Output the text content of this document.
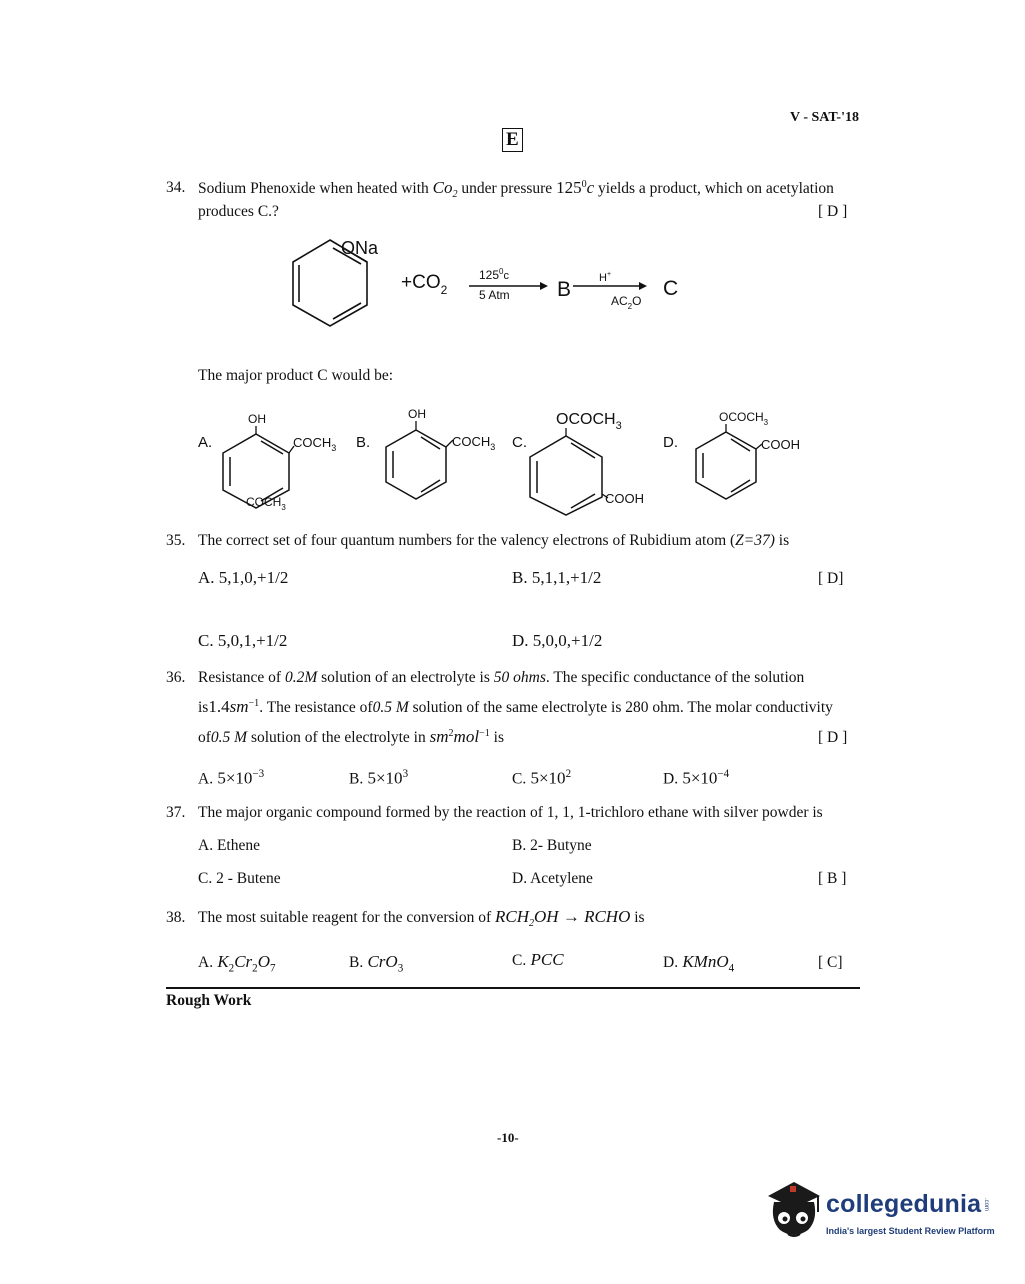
V - SAT-'18
E
34. Sodium Phenoxide when heated with $Co_2$ under pressure $125^0c$ yields a product, which on acetylation
produces C.?	[ D ]
ONa
$+CO_2$
$125^0c$
5 Atm B	H+
$AC_2O$
C
The major product C would be:
A.
OH
$COCH_3$ B.
$COCH_3$
OH
$COCH_3$ C.
$OCOCH_3$
COOH
D.
$OCOCH_3$
COOH
35. The correct set of four quantum numbers for the valency electrons of Rubidium atom (Z=37) is
A. 5,1,0,+1/2	B. 5,1,1,+1/2	[ D]
C. 5,0,1,+1/2	D. 5,0,0,+1/2
36. Resistance of 0.2M solution of an electrolyte is 50 ohms. The specific conductance of the solution
$is1.4sm^{-1}$. The resistance of0.5 M solution of the same electrolyte is 280 ohm. The molar conductivity
of0.5 M solution of the electrolyte in $sm^2mol^{-1}$ is	[ D ]
A. $5\times 10^{-3}$	B. $5\times 10^3$	C. $5\times 10^2$	D. $5\times 10^{-4}$
37. The major organic compound formed by the reaction of 1, 1, 1-trichloro ethane with silver powder is
A. Ethene	B. 2- Butyne
C. 2 - Butene	D. Acetylene	[ B ]
38. The most suitable reagent for the conversion of $RCH_2OH$ → RCHO is
A. $K_2Cr_2O_7$	B. CrO$_3$	C. PCC	D. KMnO$_4$	[ C]
Rough Work
-10-
collegedunia .com
India's largest Student Review Platform
